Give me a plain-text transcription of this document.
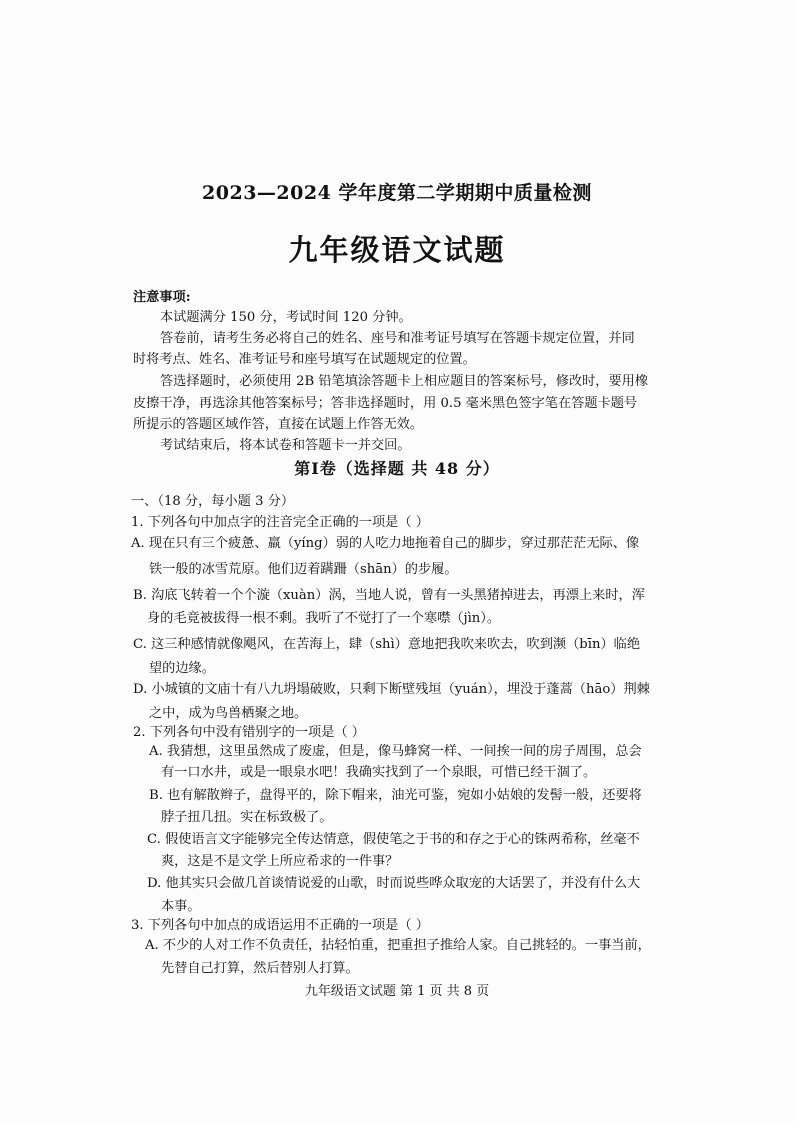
2023—2024 学年度第二学期期中质量检测
九年级语文试题
注意事项:
本试题满分 150 分，考试时间 120 分钟。
答卷前，请考生务必将自己的姓名、座号和准考证号填写在答题卡规定位置，并同
时将考点、姓名、准考证号和座号填写在试题规定的位置。
答选择题时，必须使用 2B 铅笔填涂答题卡上相应题目的答案标号，修改时，要用橡
皮擦干净，再选涂其他答案标号；答非选择题时，用 0.5 毫米黑色签字笔在答题卡题号
所提示的答题区域作答，直接在试题上作答无效。
考试结束后，将本试卷和答题卡一并交回。
第Ⅰ卷（选择题 共 48 分）
一、（18 分，每小题 3 分）
1. 下列各句中加点字的注音完全正确的一项是（ ）
A. 现在只有三个疲惫、羸（yíng）弱的人吃力地拖着自己的脚步，穿过那茫茫无际、像
铁一般的冰雪荒原。他们迈着蹒跚（shān）的步履。
B. 沟底飞转着一个个漩（xuàn）涡，当地人说，曾有一头黑猪掉进去，再漂上来时，浑
身的毛竟被拔得一根不剩。我听了不觉打了一个寒噤（jìn）。
C. 这三种感情就像飓风，在苦海上，肆（shì）意地把我吹来吹去，吹到濒（bīn）临绝
望的边缘。
D. 小城镇的文庙十有八九坍塌破败，只剩下断壁残垣（yuán），埋没于蓬蒿（hāo）荆棘
之中，成为鸟兽栖聚之地。
2. 下列各句中没有错别字的一项是（ ）
A. 我猜想，这里虽然成了废虚，但是，像马蜂窝一样、一间挨一间的房子周围，总会
有一口水井，或是一眼泉水吧！我确实找到了一个泉眼，可惜已经干涸了。
B. 也有解散辫子，盘得平的，除下帽来，油光可鉴，宛如小姑娘的发髻一般，还要将
脖子扭几扭。实在标致极了。
C. 假使语言文字能够完全传达情意，假使笔之于书的和存之于心的铢两希称，丝毫不
爽，这是不是文学上所应希求的一件事？
D. 他其实只会做几首谈情说爱的山歌，时而说些哗众取宠的大话罢了，并没有什么大
本事。
3. 下列各句中加点的成语运用不正确的一项是（ ）
A. 不少的人对工作不负责任，拈轻怕重，把重担子推给人家。自己挑轻的。一事当前，
先替自己打算，然后替别人打算。
九年级语文试题 第 1 页 共 8 页
